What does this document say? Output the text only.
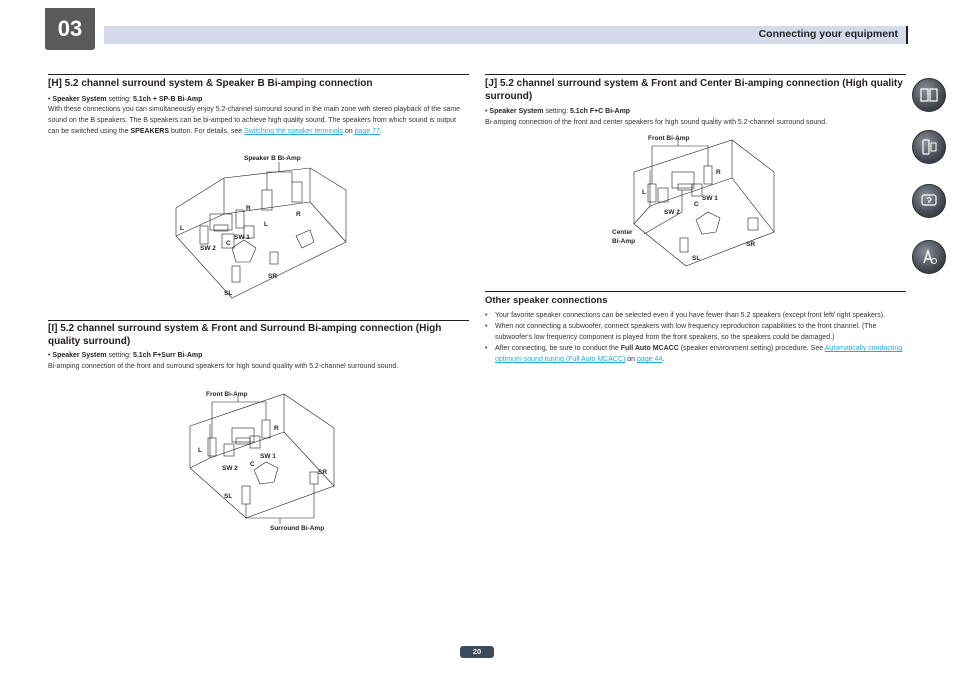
03	Connecting your equipment
[H] 5.2 channel surround system & Speaker B Bi-amping connection
• Speaker System setting: 5.1ch + SP-B Bi-Amp
With these connections you can simultaneously enjoy 5.2-channel surround sound in the main zone with stereo playback of the same sound on the B speakers. The B speakers can be bi-amped to achieve high quality sound. The speakers from which sound is output can be switched using the SPEAKERS button. For details, see Switching the speaker terminals on page 77.
Speaker B Bi-Amp
L
R
C
SW 1
SW 2
L
R
SL
SR
[I] 5.2 channel surround system & Front and Surround Bi-amping connection (High quality surround)
• Speaker System setting: 5.1ch F+Surr Bi-Amp
Bi-amping connection of the front and surround speakers for high sound quality with 5.2-channel surround sound.
Front Bi-Amp
L
R
C
SW 1
SW 2
SR
SL
Surround Bi-Amp
[J] 5.2 channel surround system & Front and Center Bi-amping connection (High quality surround)
• Speaker System setting: 5.1ch F+C Bi-Amp
Bi-amping connection of the front and center speakers for high sound quality with 5.2-channel surround sound.
Front Bi-Amp
L
R
C
SW 1
SW 2
Center
Bi-Amp
SL
SR
Other speaker connections
• Your favorite speaker connections can be selected even if you have fewer than 5.2 speakers (except front left/ right speakers).
• When not connecting a subwoofer, connect speakers with low frequency reproduction capabilities to the front channel. (The subwoofer's low frequency component is played from the front speakers, so the speakers could be damaged.)
• After connecting, be sure to conduct the Full Auto MCACC (speaker environment setting) procedure. See Automatically conducting optimum sound tuning (Full Auto MCACC) on page 44.
20
